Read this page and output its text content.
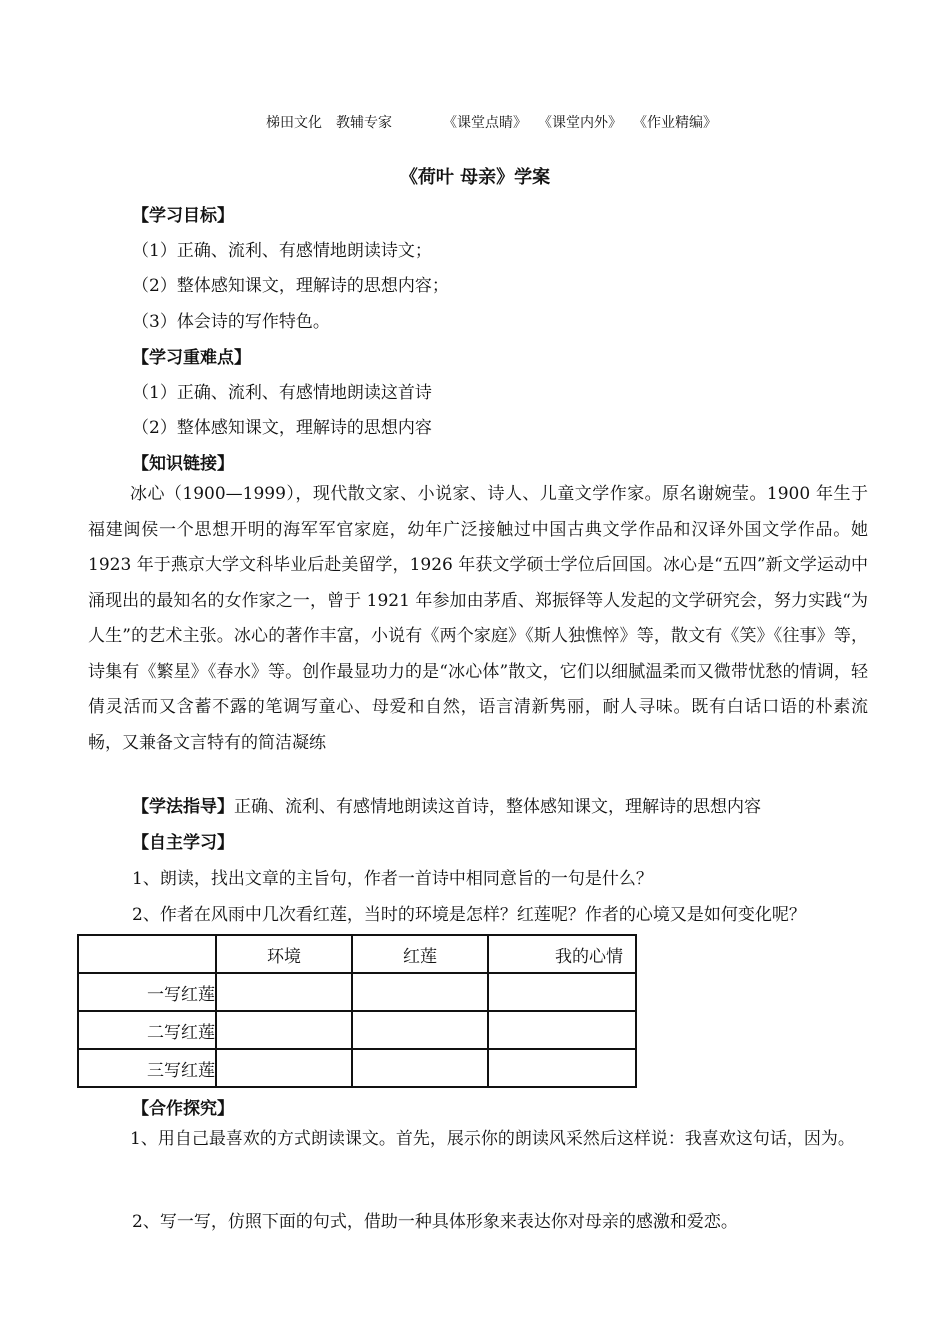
梯田文化　教辅专家	《课堂点睛》 《课堂内外》 《作业精编》
《荷叶 母亲》学案
【学习目标】
（1）正确、流利、有感情地朗读诗文；
（2）整体感知课文，理解诗的思想内容；
（3）体会诗的写作特色。
【学习重难点】
（1）正确、流利、有感情地朗读这首诗
（2）整体感知课文，理解诗的思想内容
【知识链接】
冰心（1900—1999），现代散文家、小说家、诗人、儿童文学作家。原名谢婉莹。1900 年生于福建闽侯一个思想开明的海军军官家庭，幼年广泛接触过中国古典文学作品和汉译外国文学作品。她 1923 年于燕京大学文科毕业后赴美留学，1926 年获文学硕士学位后回国。冰心是“五四”新文学运动中涌现出的最知名的女作家之一，曾于 1921 年参加由茅盾、郑振铎等人发起的文学研究会，努力实践“为人生”的艺术主张。冰心的著作丰富，小说有《两个家庭》《斯人独憔悴》等，散文有《笑》《往事》等，诗集有《繁星》《春水》等。创作最显功力的是“冰心体”散文，它们以细腻温柔而又微带忧愁的情调，轻倩灵活而又含蓄不露的笔调写童心、母爱和自然，语言清新隽丽，耐人寻味。既有白话口语的朴素流畅，又兼备文言特有的简洁凝练
【学法指导】正确、流利、有感情地朗读这首诗，整体感知课文，理解诗的思想内容
【自主学习】
1、朗读，找出文章的主旨句，作者一首诗中相同意旨的一句是什么？
2、作者在风雨中几次看红莲，当时的环境是怎样？红莲呢？作者的心境又是如何变化呢？
	环境	红莲	我的心情
一写红莲			
二写红莲			
三写红莲			
【合作探究】
1、用自己最喜欢的方式朗读课文。首先，展示你的朗读风采然后这样说：我喜欢这句话，因为。
2、写一写，仿照下面的句式，借助一种具体形象来表达你对母亲的感激和爱恋。
